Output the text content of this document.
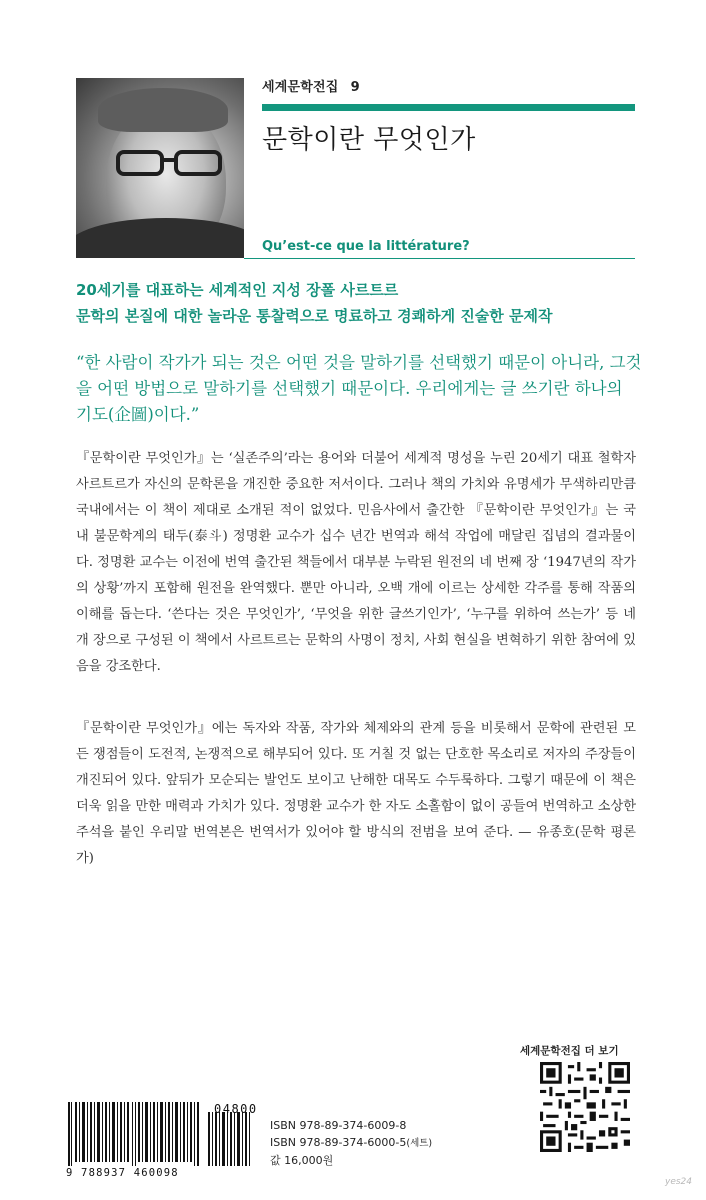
세계문학전집 9
문학이란 무엇인가
Qu’est-ce que la littérature?
20세기를 대표하는 세계적인 지성 장폴 사르트르
문학의 본질에 대한 놀라운 통찰력으로 명료하고 경쾌하게 진술한 문제작
“한 사람이 작가가 되는 것은 어떤 것을 말하기를 선택했기 때문이 아니라, 그것을 어떤 방법으로 말하기를 선택했기 때문이다. 우리에게는 글 쓰기란 하나의 기도(企圖)이다.”
『문학이란 무엇인가』는 ‘실존주의’라는 용어와 더불어 세계적 명성을 누린 20세기 대표 철학자 사르트르가 자신의 문학론을 개진한 중요한 저서이다. 그러나 책의 가치와 유명세가 무색하리만큼 국내에서는 이 책이 제대로 소개된 적이 없었다. 민음사에서 출간한 『문학이란 무엇인가』는 국내 불문학계의 태두(泰斗) 정명환 교수가 십수 년간 번역과 해석 작업에 매달린 집념의 결과물이다. 정명환 교수는 이전에 번역 출간된 책들에서 대부분 누락된 원전의 네 번째 장 ‘1947년의 작가의 상황’까지 포함해 원전을 완역했다. 뿐만 아니라, 오백 개에 이르는 상세한 각주를 통해 작품의 이해를 돕는다. ‘쓴다는 것은 무엇인가’, ‘무엇을 위한 글쓰기인가’, ‘누구를 위하여 쓰는가’ 등 네 개 장으로 구성된 이 책에서 사르트르는 문학의 사명이 정치, 사회 현실을 변혁하기 위한 참여에 있음을 강조한다.
『문학이란 무엇인가』에는 독자와 작품, 작가와 체제와의 관계 등을 비롯해서 문학에 관련된 모든 쟁점들이 도전적, 논쟁적으로 해부되어 있다. 또 거칠 것 없는 단호한 목소리로 저자의 주장들이 개진되어 있다. 앞뒤가 모순되는 발언도 보이고 난해한 대목도 수두룩하다. 그렇기 때문에 이 책은 더욱 읽을 만한 매력과 가치가 있다. 정명환 교수가 한 자도 소홀함이 없이 공들여 번역하고 소상한 주석을 붙인 우리말 번역본은 번역서가 있어야 할 방식의 전범을 보여 준다. — 유종호(문학 평론가)
세계문학전집 더 보기
04800
9 788937 460098
ISBN 978-89-374-6009-8
ISBN 978-89-374-6000-5(세트)
값 16,000원
yes24
